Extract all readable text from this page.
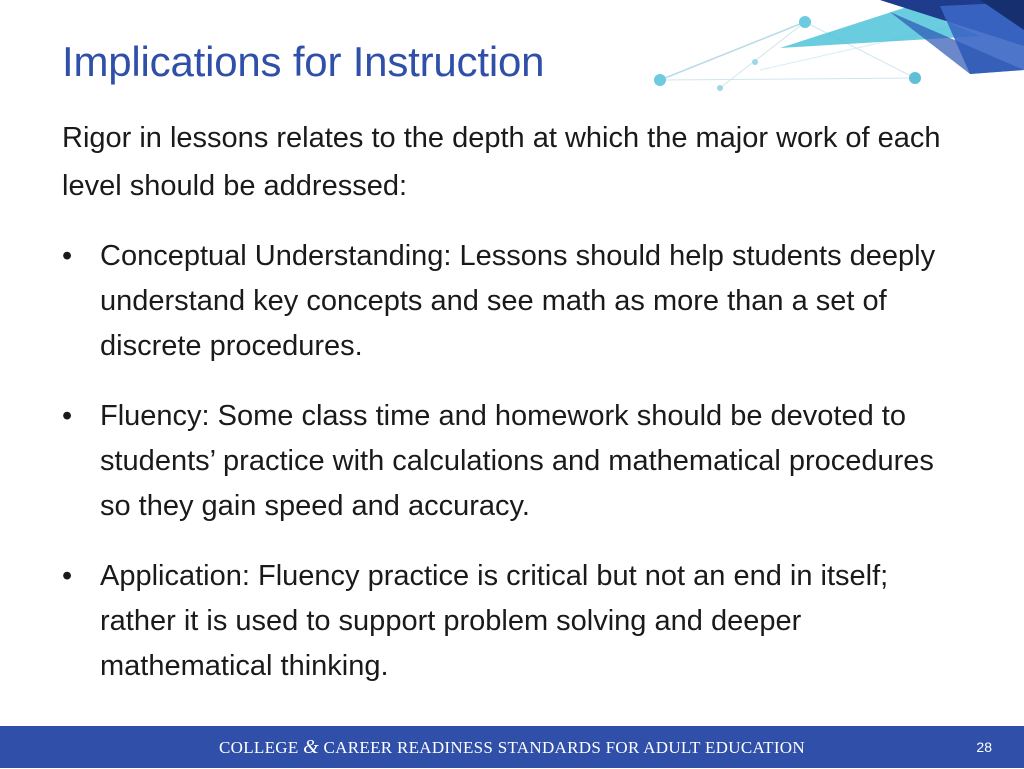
Implications for Instruction

Rigor in lessons relates to the depth at which the major work of each level should be addressed:

• Conceptual Understanding: Lessons should help students deeply understand key concepts and see math as more than a set of discrete procedures.
• Fluency: Some class time and homework should be devoted to students’ practice with calculations and mathematical procedures so they gain speed and accuracy.
• Application: Fluency practice is critical but not an end in itself; rather it is used to support problem solving and deeper mathematical thinking.
COLLEGE & CAREER READINESS STANDARDS FOR ADULT EDUCATION	28
